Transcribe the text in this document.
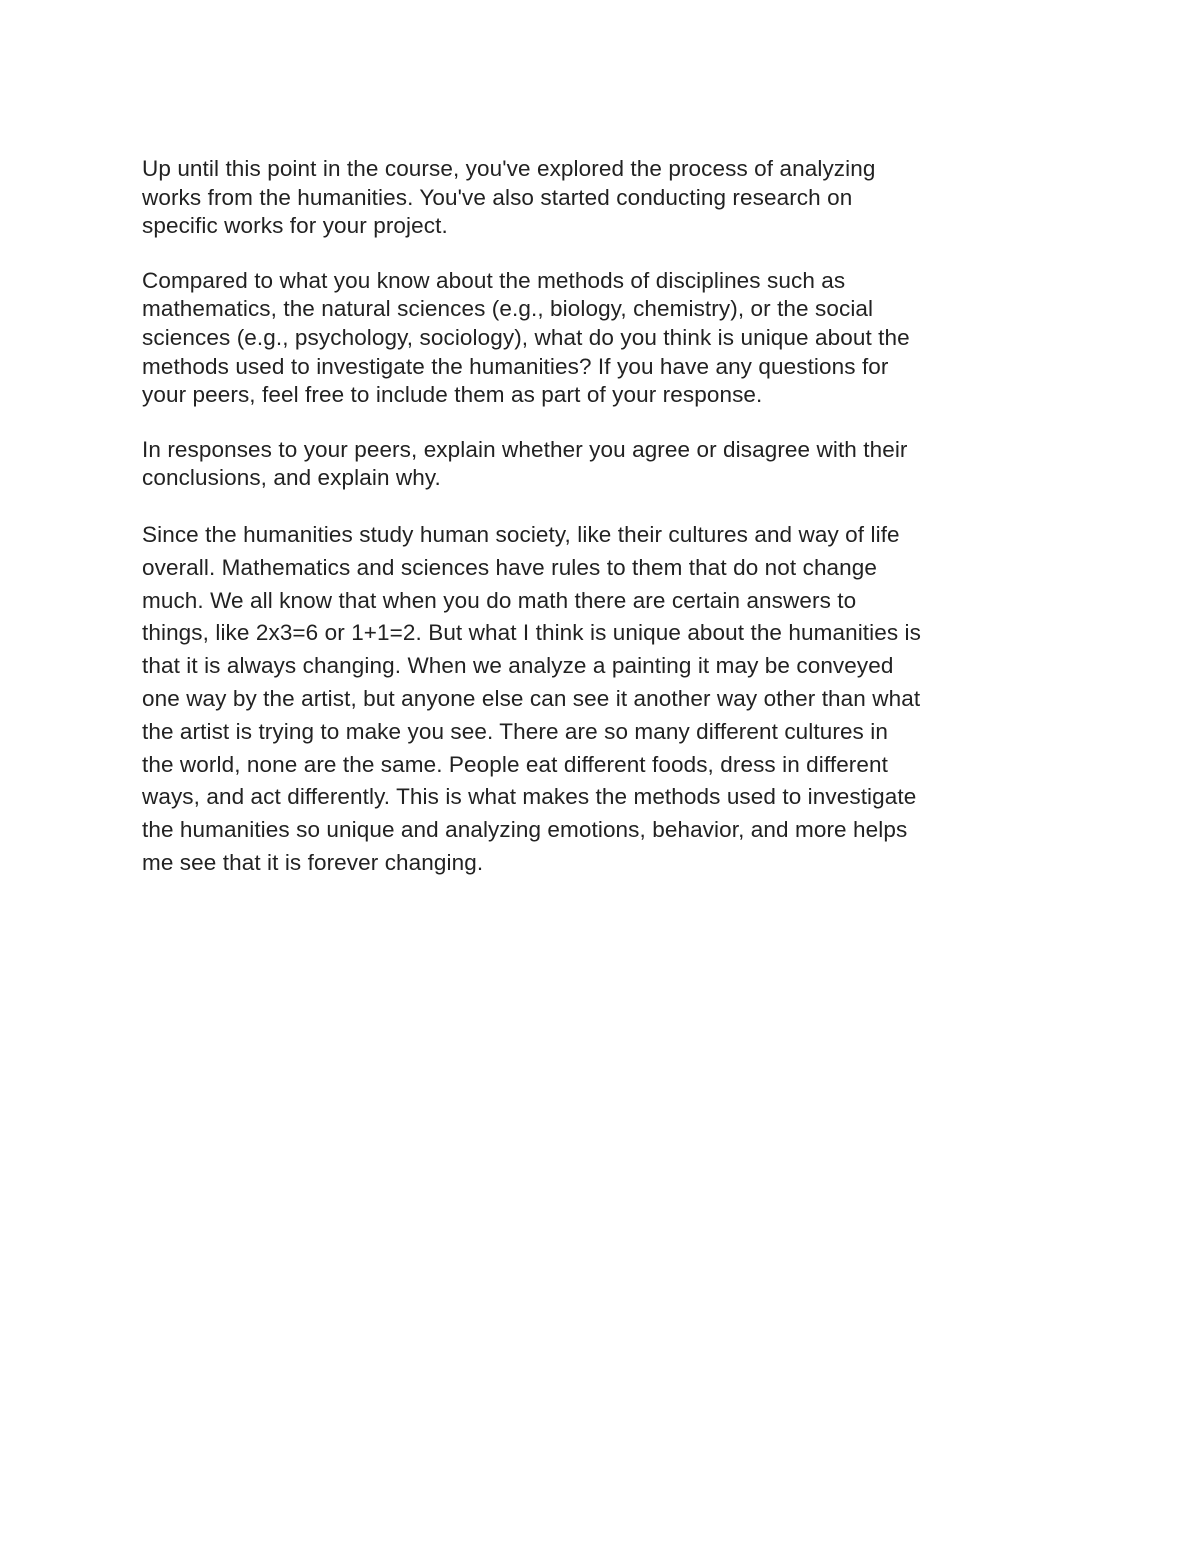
Up until this point in the course, you've explored the process of analyzing
works from the humanities. You've also started conducting research on
specific works for your project.

Compared to what you know about the methods of disciplines such as
mathematics, the natural sciences (e.g., biology, chemistry), or the social
sciences (e.g., psychology, sociology), what do you think is unique about the
methods used to investigate the humanities? If you have any questions for
your peers, feel free to include them as part of your response.

In responses to your peers, explain whether you agree or disagree with their
conclusions, and explain why.

Since the humanities study human society, like their cultures and way of life
overall. Mathematics and sciences have rules to them that do not change
much. We all know that when you do math there are certain answers to
things, like 2x3=6 or 1+1=2. But what I think is unique about the humanities is
that it is always changing. When we analyze a painting it may be conveyed
one way by the artist, but anyone else can see it another way other than what
the artist is trying to make you see. There are so many different cultures in
the world, none are the same. People eat different foods, dress in different
ways, and act differently. This is what makes the methods used to investigate
the humanities so unique and analyzing emotions, behavior, and more helps
me see that it is forever changing.
